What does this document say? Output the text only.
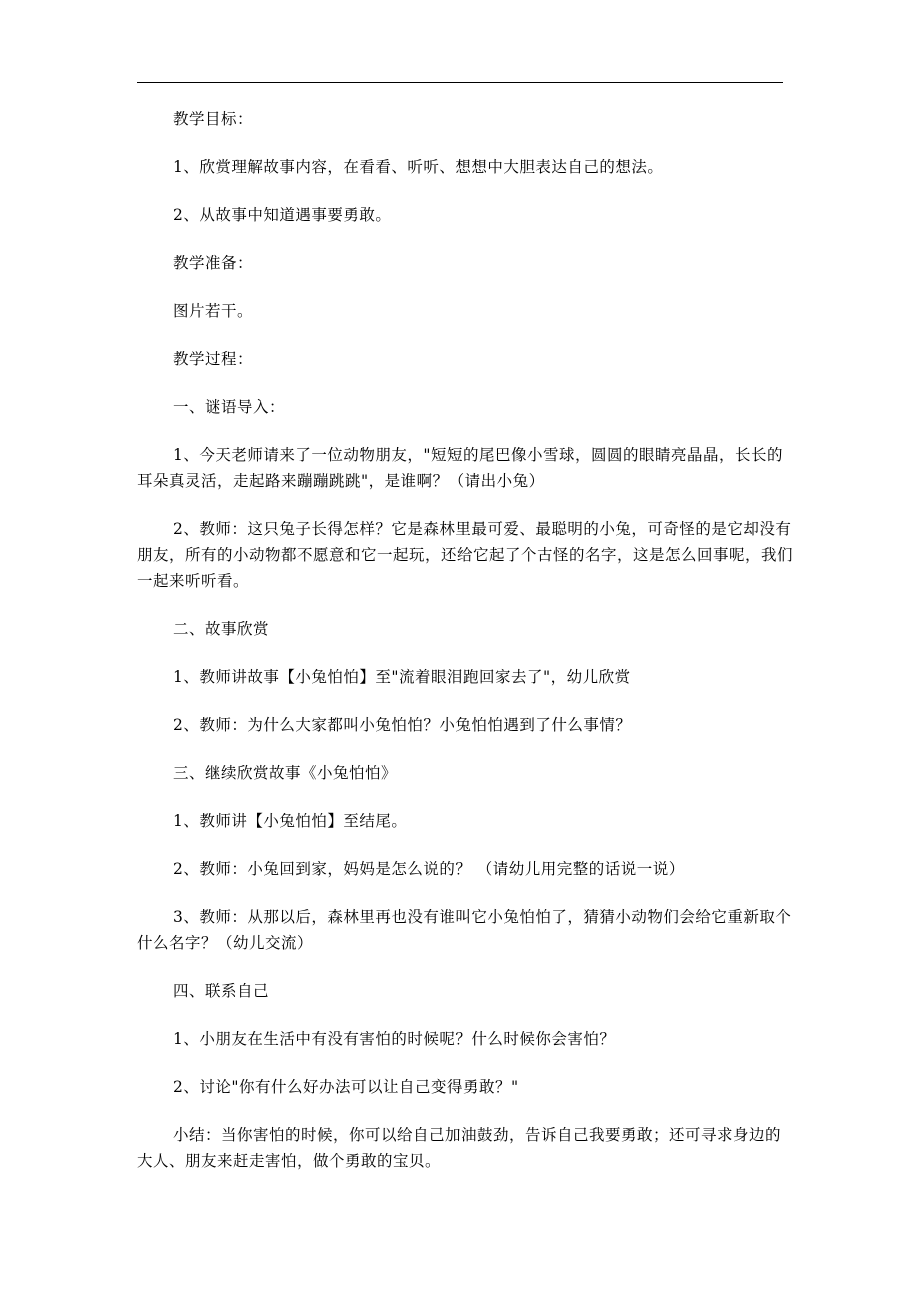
教学目标：

1、欣赏理解故事内容，在看看、听听、想想中大胆表达自己的想法。

2、从故事中知道遇事要勇敢。

教学准备：

图片若干。

教学过程：

一、谜语导入：

1、今天老师请来了一位动物朋友，"短短的尾巴像小雪球，圆圆的眼睛亮晶晶，长长的耳朵真灵活，走起路来蹦蹦跳跳"，是谁啊？（请出小兔）

2、教师：这只兔子长得怎样？它是森林里最可爱、最聪明的小兔，可奇怪的是它却没有朋友，所有的小动物都不愿意和它一起玩，还给它起了个古怪的名字，这是怎么回事呢，我们一起来听听看。

二、故事欣赏

1、教师讲故事【小兔怕怕】至"流着眼泪跑回家去了"，幼儿欣赏

2、教师：为什么大家都叫小兔怕怕？小兔怕怕遇到了什么事情？

三、继续欣赏故事《小兔怕怕》

1、教师讲【小兔怕怕】至结尾。

2、教师：小兔回到家，妈妈是怎么说的？ （请幼儿用完整的话说一说）

3、教师：从那以后，森林里再也没有谁叫它小兔怕怕了，猜猜小动物们会给它重新取个什么名字？（幼儿交流）

四、联系自己

1、小朋友在生活中有没有害怕的时候呢？什么时候你会害怕？

2、讨论"你有什么好办法可以让自己变得勇敢？"

小结：当你害怕的时候，你可以给自己加油鼓劲，告诉自己我要勇敢；还可寻求身边的大人、朋友来赶走害怕，做个勇敢的宝贝。
